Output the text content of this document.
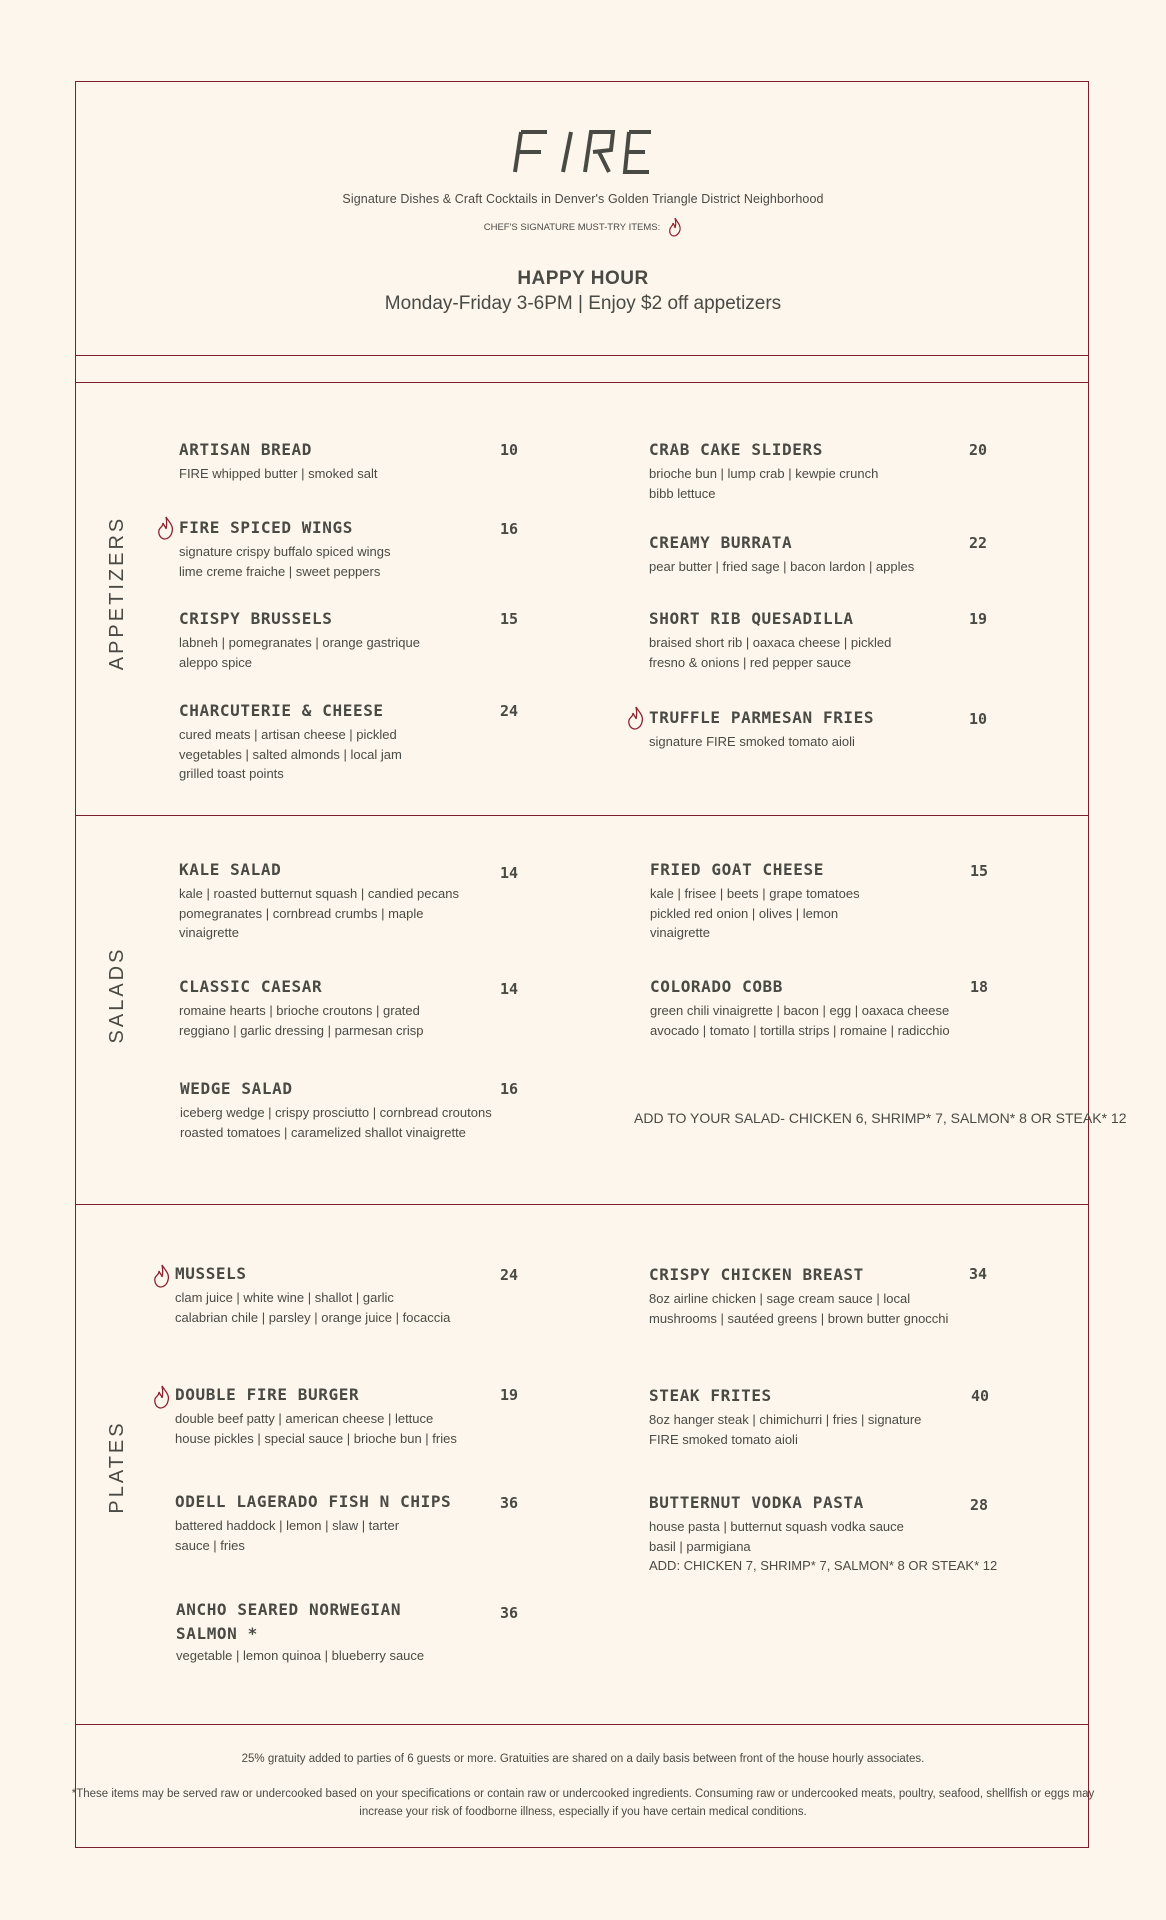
Signature Dishes & Craft Cocktails in Denver's Golden Triangle District Neighborhood
CHEF'S SIGNATURE MUST-TRY ITEMS:
HAPPY HOUR
Monday-Friday 3-6PM | Enjoy $2 off appetizers
APPETIZERS
SALADS
PLATES
ARTISAN BREAD
FIRE whipped butter | smoked salt
10
FIRE SPICED WINGS
signature crispy buffalo spiced wings
lime creme fraiche | sweet peppers
16
CRISPY BRUSSELS
labneh | pomegranates | orange gastrique
aleppo spice
15
CHARCUTERIE & CHEESE
cured meats | artisan cheese | pickled
vegetables | salted almonds | local jam
grilled toast points
24
CRAB CAKE SLIDERS
brioche bun | lump crab | kewpie crunch
bibb lettuce
20
CREAMY BURRATA
pear butter | fried sage | bacon lardon | apples
22
SHORT RIB QUESADILLA
braised short rib | oaxaca cheese | pickled
fresno & onions | red pepper sauce
19
TRUFFLE PARMESAN FRIES
signature FIRE smoked tomato aioli
10
KALE SALAD
kale | roasted butternut squash | candied pecans
pomegranates | cornbread crumbs | maple
vinaigrette
14
CLASSIC CAESAR
romaine hearts | brioche croutons | grated
reggiano | garlic dressing | parmesan crisp
14
WEDGE SALAD
iceberg wedge | crispy prosciutto | cornbread croutons
roasted tomatoes | caramelized shallot vinaigrette
16
FRIED GOAT CHEESE
kale | frisee | beets | grape tomatoes
pickled red onion | olives | lemon
vinaigrette
15
COLORADO COBB
green chili vinaigrette | bacon | egg | oaxaca cheese
avocado | tomato | tortilla strips | romaine | radicchio
18
ADD TO YOUR SALAD- CHICKEN 6, SHRIMP* 7, SALMON* 8 OR STEAK* 12
MUSSELS
clam juice | white wine | shallot | garlic
calabrian chile | parsley | orange juice | focaccia
24
DOUBLE FIRE BURGER
double beef patty | american cheese | lettuce
house pickles | special sauce | brioche bun | fries
19
ODELL LAGERADO FISH N CHIPS
battered haddock | lemon | slaw | tarter
sauce | fries
36
ANCHO SEARED NORWEGIAN
SALMON *
vegetable | lemon quinoa | blueberry sauce
36
CRISPY CHICKEN BREAST
8oz airline chicken | sage cream sauce | local
mushrooms | sautéed greens | brown butter gnocchi
34
STEAK FRITES
8oz hanger steak | chimichurri | fries | signature
FIRE smoked tomato aioli
40
BUTTERNUT VODKA PASTA
house pasta | butternut squash vodka sauce
basil | parmigiana
ADD: CHICKEN 7, SHRIMP* 7, SALMON* 8 OR STEAK* 12
28
25% gratuity added to parties of 6 guests or more. Gratuities are shared on a daily basis between front of the house hourly associates.
*These items may be served raw or undercooked based on your specifications or contain raw or undercooked ingredients. Consuming raw or undercooked meats, poultry, seafood, shellfish or eggs may
increase your risk of foodborne illness, especially if you have certain medical conditions.
